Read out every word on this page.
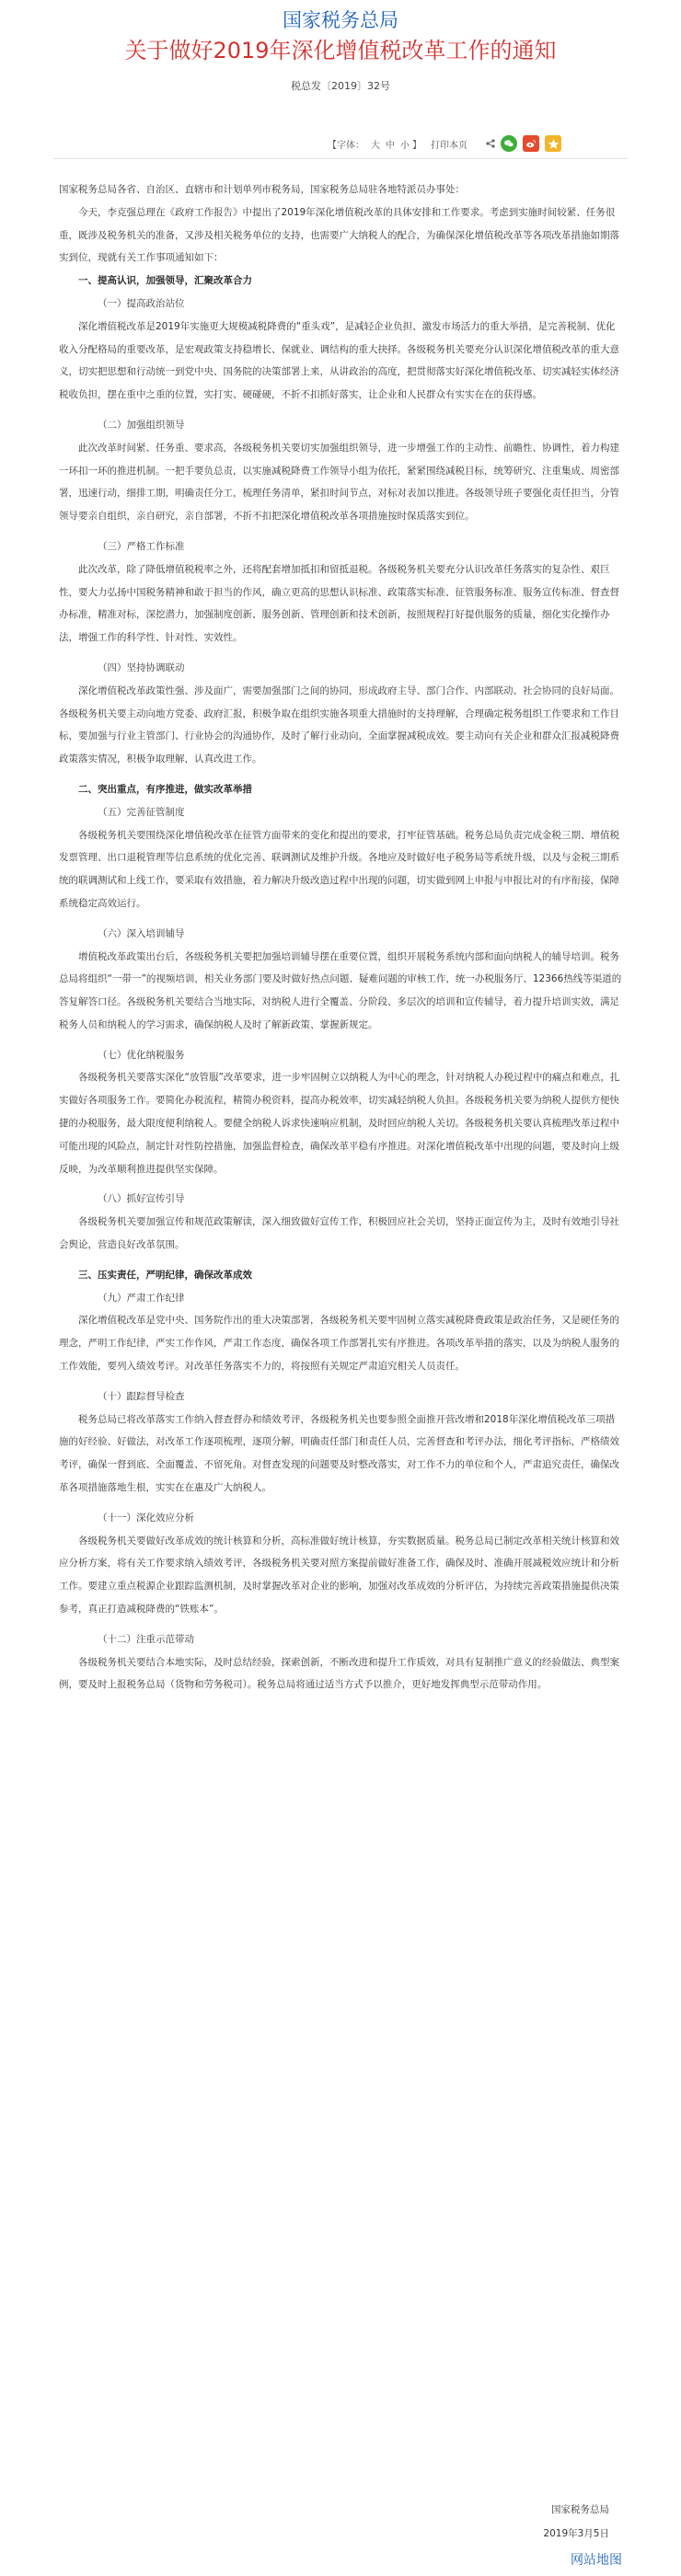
国家税务总局
关于做好2019年深化增值税改革工作的通知
税总发〔2019〕32号
【字体： 大 中 小 】 打印本页

国家税务总局各省、自治区、直辖市和计划单列市税务局，国家税务总局驻各地特派员办事处：

今天，李克强总理在《政府工作报告》中提出了2019年深化增值税改革的具体安排和工作要求。考虑到实施时间较紧、任务很重，既涉及税务机关的准备，又涉及相关税务单位的支持，也需要广大纳税人的配合，为确保深化增值税改革等各项改革措施如期落实到位，现就有关工作事项通知如下：

一、提高认识，加强领导，汇聚改革合力

（一）提高政治站位

深化增值税改革是2019年实施更大规模减税降费的“重头戏”，是减轻企业负担、激发市场活力的重大举措，是完善税制、优化收入分配格局的重要改革，是宏观政策支持稳增长、保就业、调结构的重大抉择。各级税务机关要充分认识深化增值税改革的重大意义，切实把思想和行动统一到党中央、国务院的决策部署上来，从讲政治的高度，把贯彻落实好深化增值税改革、切实减轻实体经济税收负担，摆在重中之重的位置，实打实、硬碰硬，不折不扣抓好落实，让企业和人民群众有实实在在的获得感。

（二）加强组织领导

此次改革时间紧、任务重、要求高，各级税务机关要切实加强组织领导，进一步增强工作的主动性、前瞻性、协调性，着力构建一环扣一环的推进机制。一把手要负总责，以实施减税降费工作领导小组为依托，紧紧围绕减税目标，统筹研究、注重集成、周密部署，迅速行动，细排工期，明确责任分工，梳理任务清单，紧扣时间节点，对标对表加以推进。各级领导班子要强化责任担当，分管领导要亲自组织，亲自研究，亲自部署，不折不扣把深化增值税改革各项措施按时保质落实到位。

（三）严格工作标准

此次改革，除了降低增值税税率之外，还将配套增加抵扣和留抵退税。各级税务机关要充分认识改革任务落实的复杂性、艰巨性，要大力弘扬中国税务精神和敢于担当的作风，确立更高的思想认识标准、政策落实标准、征管服务标准、服务宣传标准、督查督办标准，精准对标，深挖潜力，加强制度创新、服务创新、管理创新和技术创新，按照规程打好提供服务的质量，细化实化操作办法，增强工作的科学性、针对性、实效性。

（四）坚持协调联动

深化增值税改革政策性强、涉及面广，需要加强部门之间的协同，形成政府主导、部门合作、内部联动、社会协同的良好局面。各级税务机关要主动向地方党委、政府汇报，积极争取在组织实施各项重大措施时的支持理解，合理确定税务组织工作要求和工作目标，要加强与行业主管部门、行业协会的沟通协作，及时了解行业动向，全面掌握减税成效。要主动向有关企业和群众汇报减税降费政策落实情况，积极争取理解，认真改进工作。

二、突出重点，有序推进，做实改革举措

（五）完善征管制度

各级税务机关要围绕深化增值税改革在征管方面带来的变化和提出的要求，打牢征管基础。税务总局负责完成金税三期、增值税发票管理、出口退税管理等信息系统的优化完善、联调测试及维护升级。各地应及时做好电子税务局等系统升级，以及与金税三期系统的联调测试和上线工作，要采取有效措施，着力解决升级改造过程中出现的问题，切实做到网上申报与申报比对的有序衔接，保障系统稳定高效运行。

（六）深入培训辅导

增值税改革政策出台后，各级税务机关要把加强培训辅导摆在重要位置，组织开展税务系统内部和面向纳税人的辅导培训。税务总局将组织“一带一”的视频培训，相关业务部门要及时做好热点问题、疑难问题的审核工作，统一办税服务厅、12366热线等渠道的答复解答口径。各级税务机关要结合当地实际，对纳税人进行全覆盖、分阶段、多层次的培训和宣传辅导，着力提升培训实效，满足税务人员和纳税人的学习需求，确保纳税人及时了解新政策、掌握新规定。

（七）优化纳税服务

各级税务机关要落实深化“放管服”改革要求，进一步牢固树立以纳税人为中心的理念，针对纳税人办税过程中的痛点和难点，扎实做好各项服务工作。要简化办税流程，精简办税资料，提高办税效率，切实减轻纳税人负担。各级税务机关要为纳税人提供方便快捷的办税服务，最大限度便利纳税人。要健全纳税人诉求快速响应机制，及时回应纳税人关切。各级税务机关要认真梳理改革过程中可能出现的风险点，制定针对性防控措施，加强监督检查，确保改革平稳有序推进。对深化增值税改革中出现的问题，要及时向上级反映，为改革顺利推进提供坚实保障。

（八）抓好宣传引导

各级税务机关要加强宣传和规范政策解读，深入细致做好宣传工作，积极回应社会关切，坚持正面宣传为主，及时有效地引导社会舆论，营造良好改革氛围。

三、压实责任，严明纪律，确保改革成效

（九）严肃工作纪律

深化增值税改革是党中央、国务院作出的重大决策部署，各级税务机关要牢固树立落实减税降费政策是政治任务，又是硬任务的理念，严明工作纪律，严实工作作风，严肃工作态度，确保各项工作部署扎实有序推进。各项改革举措的落实，以及为纳税人服务的工作效能，要列入绩效考评。对改革任务落实不力的，将按照有关规定严肃追究相关人员责任。

（十）跟踪督导检查

税务总局已将改革落实工作纳入督查督办和绩效考评，各级税务机关也要参照全面推开营改增和2018年深化增值税改革三项措施的好经验、好做法，对改革工作逐项梳理，逐项分解，明确责任部门和责任人员，完善督查和考评办法，细化考评指标，严格绩效考评，确保一督到底、全面覆盖、不留死角。对督查发现的问题要及时整改落实，对工作不力的单位和个人，严肃追究责任，确保改革各项措施落地生根，实实在在惠及广大纳税人。

（十一）深化效应分析

各级税务机关要做好改革成效的统计核算和分析，高标准做好统计核算，夯实数据质量。税务总局已制定改革相关统计核算和效应分析方案，将有关工作要求纳入绩效考评，各级税务机关要对照方案提前做好准备工作，确保及时、准确开展减税效应统计和分析工作。要建立重点税源企业跟踪监测机制，及时掌握改革对企业的影响，加强对改革成效的分析评估，为持续完善政策措施提供决策参考，真正打造减税降费的“铁账本”。

（十二）注重示范带动

各级税务机关要结合本地实际，及时总结经验，探索创新，不断改进和提升工作质效，对具有复制推广意义的经验做法、典型案例，要及时上报税务总局（货物和劳务税司）。税务总局将通过适当方式予以推介，更好地发挥典型示范带动作用。

国家税务总局
2019年3月5日
网站地图
